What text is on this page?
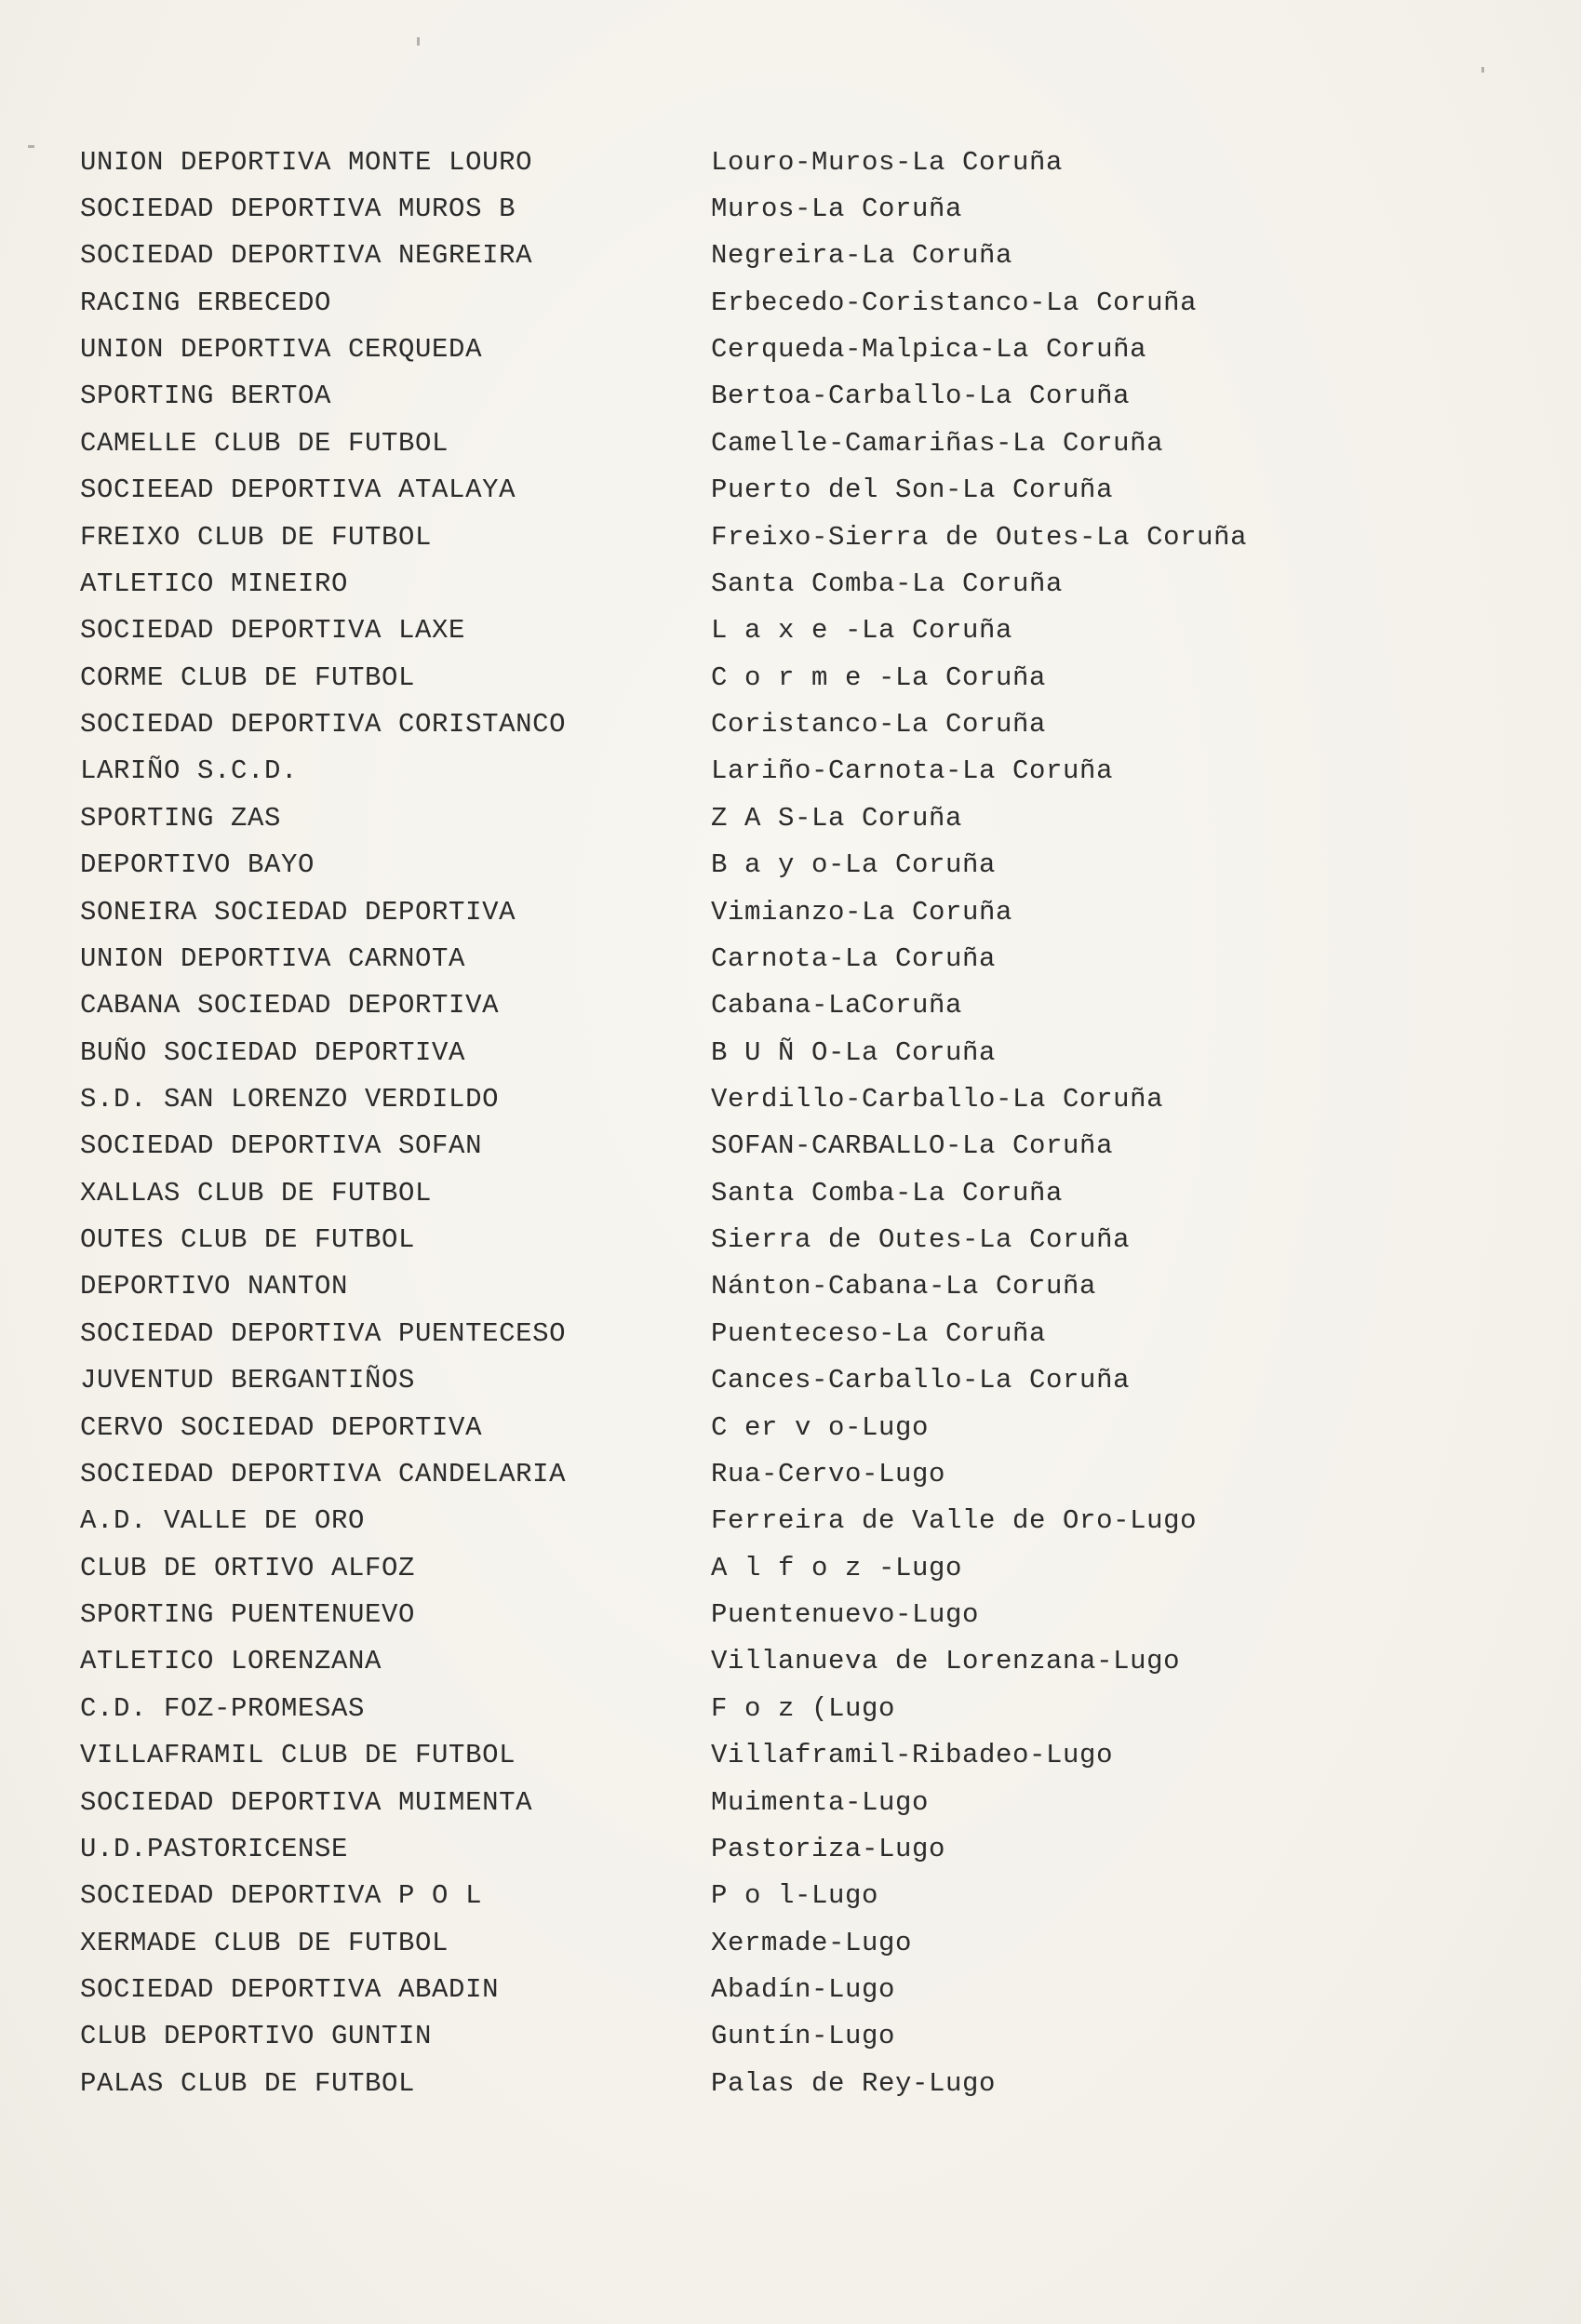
UNION DEPORTIVA MONTE LOURO	Louro-Muros-La Coruña
SOCIEDAD DEPORTIVA MUROS B	Muros-La Coruña
SOCIEDAD DEPORTIVA NEGREIRA	Negreira-La Coruña
RACING ERBECEDO	Erbecedo-Coristanco-La Coruña
UNION DEPORTIVA CERQUEDA	Cerqueda-Malpica-La Coruña
SPORTING BERTOA	Bertoa-Carballo-La Coruña
CAMELLE CLUB DE FUTBOL	Camelle-Camariñas-La Coruña
SOCIEEAD DEPORTIVA ATALAYA	Puerto del Son-La Coruña
FREIXO CLUB DE FUTBOL	Freixo-Sierra de Outes-La Coruña
ATLETICO MINEIRO	Santa Comba-La Coruña
SOCIEDAD DEPORTIVA LAXE	L a x e -La Coruña
CORME CLUB DE FUTBOL	C o r m e -La Coruña
SOCIEDAD DEPORTIVA CORISTANCO	Coristanco-La Coruña
LARIÑO S.C.D.	Lariño-Carnota-La Coruña
SPORTING ZAS	Z A S-La Coruña
DEPORTIVO BAYO	B a y o-La Coruña
SONEIRA SOCIEDAD DEPORTIVA	Vimianzo-La Coruña
UNION DEPORTIVA CARNOTA	Carnota-La Coruña
CABANA SOCIEDAD DEPORTIVA	Cabana-LaCoruña
BUÑO SOCIEDAD DEPORTIVA	B U Ñ O-La Coruña
S.D. SAN LORENZO VERDILDO	Verdillo-Carballo-La Coruña
SOCIEDAD DEPORTIVA SOFAN	SOFAN-CARBALLO-La Coruña
XALLAS CLUB DE FUTBOL	Santa Comba-La Coruña
OUTES CLUB DE FUTBOL	Sierra de Outes-La Coruña
DEPORTIVO NANTON	Nánton-Cabana-La Coruña
SOCIEDAD DEPORTIVA PUENTECESO	Puenteceso-La Coruña
JUVENTUD BERGANTIÑOS	Cances-Carballo-La Coruña
CERVO SOCIEDAD DEPORTIVA	C er v o-Lugo
SOCIEDAD DEPORTIVA CANDELARIA	Rua-Cervo-Lugo
A.D. VALLE DE ORO	Ferreira de Valle de Oro-Lugo
CLUB DE ORTIVO ALFOZ	A l f o z -Lugo
SPORTING PUENTENUEVO	Puentenuevo-Lugo
ATLETICO LORENZANA	Villanueva de Lorenzana-Lugo
C.D. FOZ-PROMESAS	F o z (Lugo
VILLAFRAMIL CLUB DE FUTBOL	Villaframil-Ribadeo-Lugo
SOCIEDAD DEPORTIVA MUIMENTA	Muimenta-Lugo
U.D.PASTORICENSE	Pastoriza-Lugo
SOCIEDAD DEPORTIVA P O L	P o l-Lugo
XERMADE CLUB DE FUTBOL	Xermade-Lugo
SOCIEDAD DEPORTIVA ABADIN	Abadín-Lugo
CLUB DEPORTIVO GUNTIN	Guntín-Lugo
PALAS CLUB DE FUTBOL	Palas de Rey-Lugo
